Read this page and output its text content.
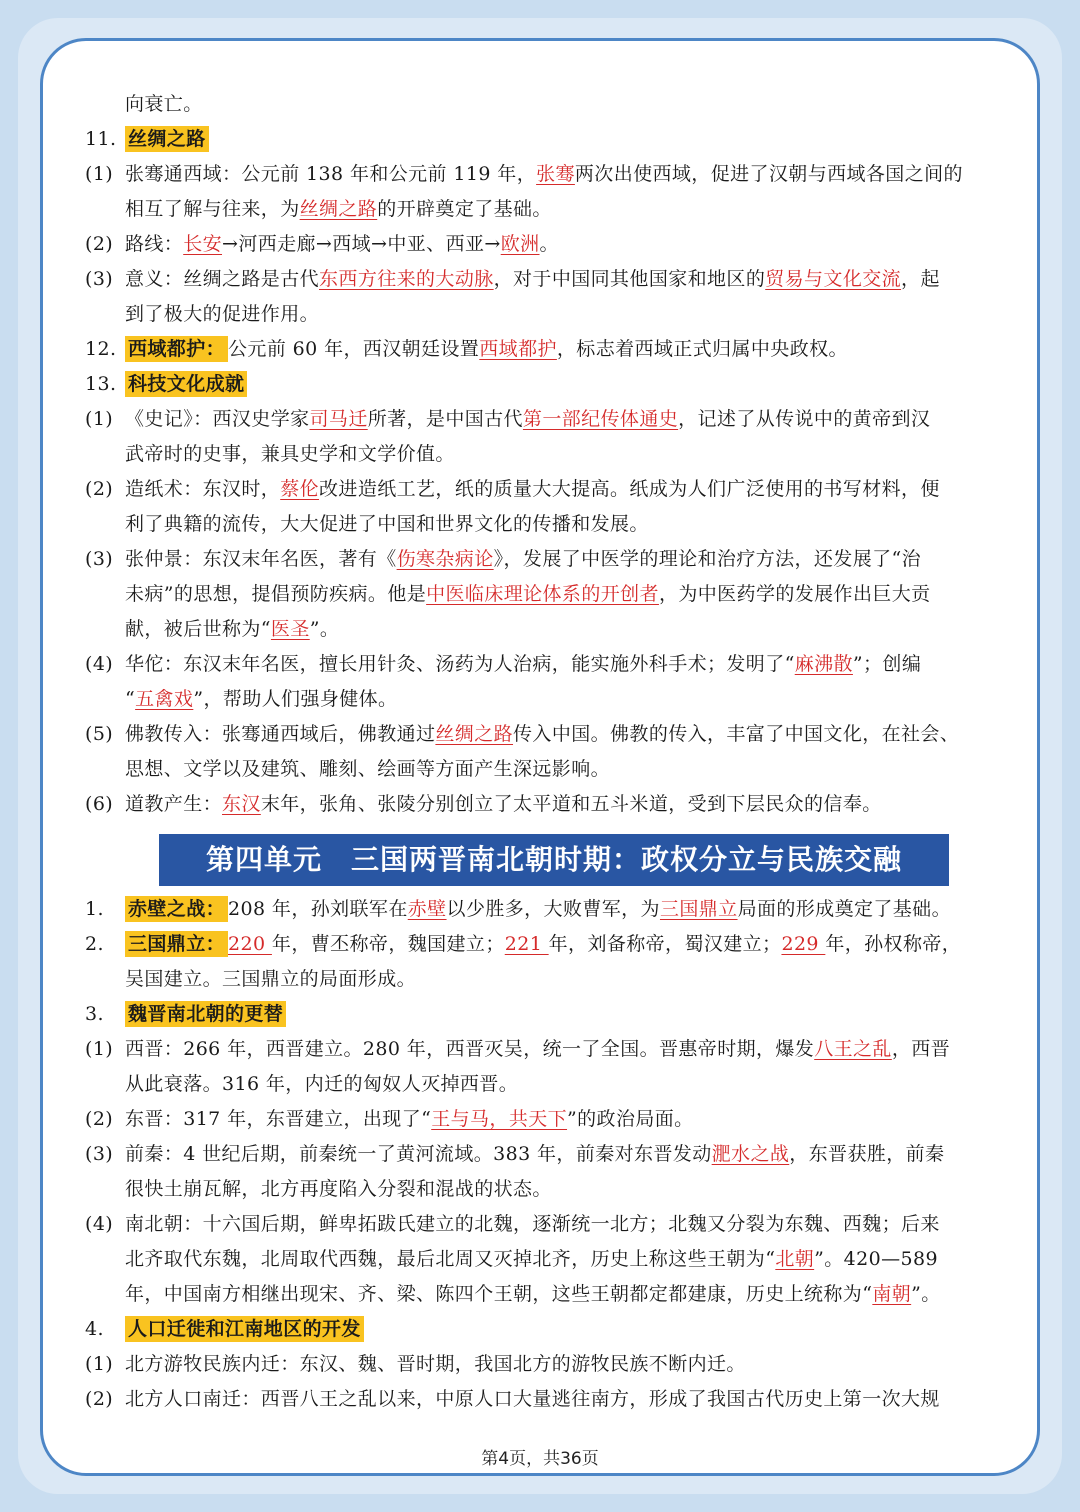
向衰亡。
11. 丝绸之路
(1) 张骞通西域：公元前 138 年和公元前 119 年，张骞两次出使西域，促进了汉朝与西域各国之间的
相互了解与往来，为丝绸之路的开辟奠定了基础。
(2) 路线：长安→河西走廊→西域→中亚、西亚→欧洲。
(3) 意义：丝绸之路是古代东西方往来的大动脉，对于中国同其他国家和地区的贸易与文化交流，起
到了极大的促进作用。
12. 西域都护： 公元前 60 年，西汉朝廷设置西域都护，标志着西域正式归属中央政权。
13. 科技文化成就
(1) 《史记》：西汉史学家司马迁所著，是中国古代第一部纪传体通史，记述了从传说中的黄帝到汉
武帝时的史事，兼具史学和文学价值。
(2) 造纸术：东汉时，蔡伦改进造纸工艺，纸的质量大大提高。纸成为人们广泛使用的书写材料，便
利了典籍的流传，大大促进了中国和世界文化的传播和发展。
(3) 张仲景：东汉末年名医，著有《伤寒杂病论》，发展了中医学的理论和治疗方法，还发展了“治
未病”的思想，提倡预防疾病。他是中医临床理论体系的开创者，为中医药学的发展作出巨大贡
献，被后世称为“医圣”。
(4) 华佗：东汉末年名医，擅长用针灸、汤药为人治病，能实施外科手术；发明了“麻沸散”；创编
“五禽戏”，帮助人们强身健体。
(5) 佛教传入：张骞通西域后，佛教通过丝绸之路传入中国。佛教的传入，丰富了中国文化，在社会、
思想、文学以及建筑、雕刻、绘画等方面产生深远影响。
(6) 道教产生：东汉末年，张角、张陵分别创立了太平道和五斗米道，受到下层民众的信奉。
第四单元　三国两晋南北朝时期：政权分立与民族交融
1.	赤壁之战： 208 年，孙刘联军在赤壁以少胜多，大败曹军，为三国鼎立局面的形成奠定了基础。
2.	三国鼎立： 220 年，曹丕称帝，魏国建立；221 年，刘备称帝，蜀汉建立；229 年，孙权称帝，
吴国建立。三国鼎立的局面形成。
3.	魏晋南北朝的更替
(1) 西晋：266 年，西晋建立。280 年，西晋灭吴，统一了全国。晋惠帝时期，爆发八王之乱，西晋
从此衰落。316 年，内迁的匈奴人灭掉西晋。
(2) 东晋：317 年，东晋建立，出现了“王与马，共天下”的政治局面。
(3) 前秦：4 世纪后期，前秦统一了黄河流域。383 年，前秦对东晋发动淝水之战，东晋获胜，前秦
很快土崩瓦解，北方再度陷入分裂和混战的状态。
(4) 南北朝：十六国后期，鲜卑拓跋氏建立的北魏，逐渐统一北方；北魏又分裂为东魏、西魏；后来
北齐取代东魏，北周取代西魏，最后北周又灭掉北齐，历史上称这些王朝为“北朝”。420—589
年，中国南方相继出现宋、齐、梁、陈四个王朝，这些王朝都定都建康，历史上统称为“南朝”。
4.	人口迁徙和江南地区的开发
(1) 北方游牧民族内迁：东汉、魏、晋时期，我国北方的游牧民族不断内迁。
(2) 北方人口南迁：西晋八王之乱以来，中原人口大量逃往南方，形成了我国古代历史上第一次大规
第4页，共36页
